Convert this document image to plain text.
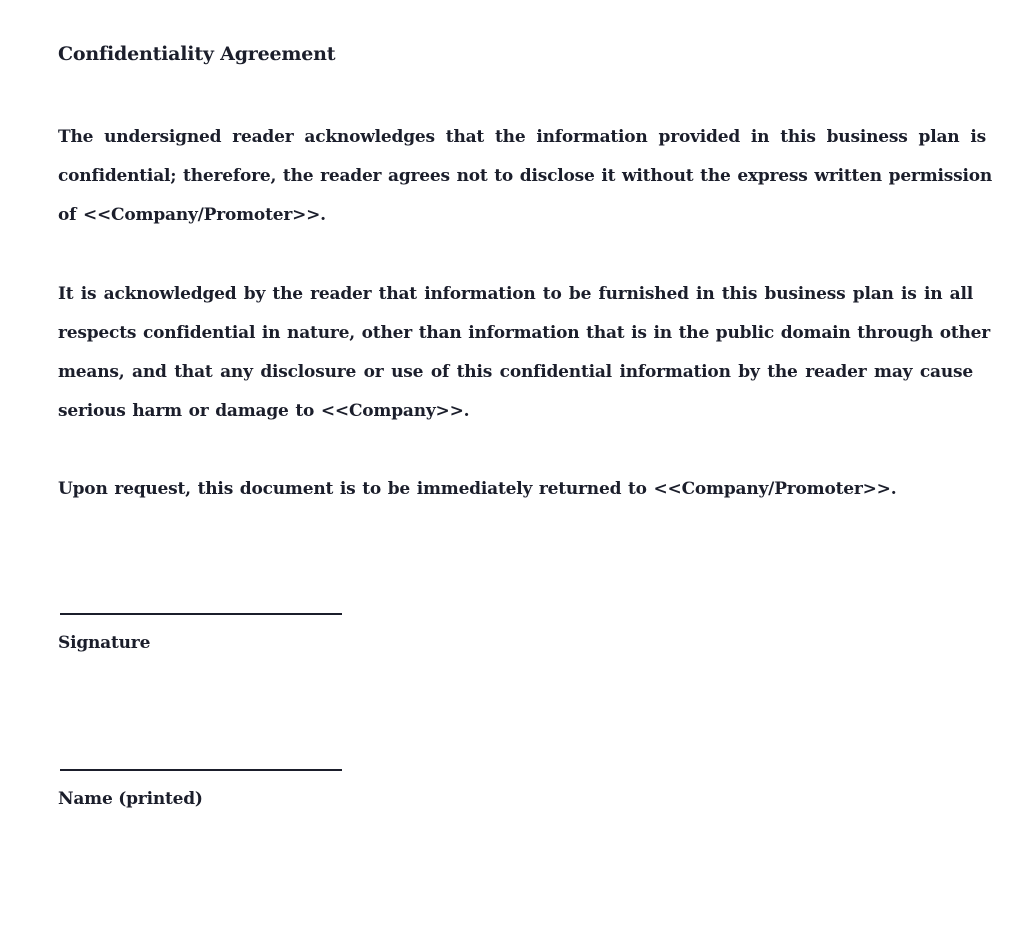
Confidentiality Agreement
The undersigned reader acknowledges that the information provided in this business plan is
confidential; therefore, the reader agrees not to disclose it without the express written permission
of <<Company/Promoter>>.
It is acknowledged by the reader that information to be furnished in this business plan is in all
respects confidential in nature, other than information that is in the public domain through other
means, and that any disclosure or use of this confidential information by the reader may cause
serious harm or damage to <<Company>>.
Upon request, this document is to be immediately returned to <<Company/Promoter>>.
Signature
Name (printed)
